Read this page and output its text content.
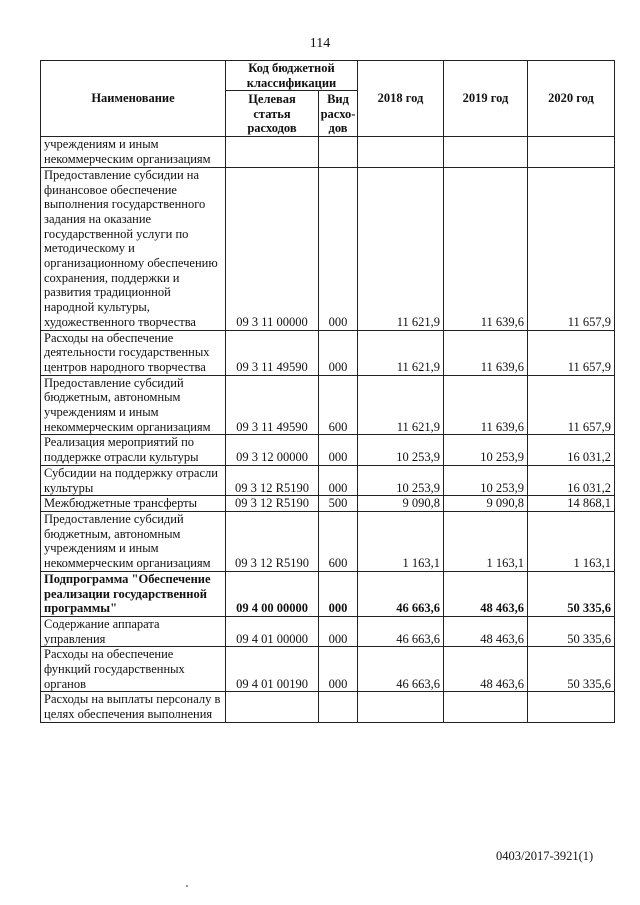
114
Наименование	Код бюджетной классификации		2018 год	2019 год	2020 год
	Целевая статья расходов	Вид расхо-дов			
учреждениям и иным некоммерческим организациям					
Предоставление субсидии на финансовое обеспечение выполнения государственного задания на оказание государственной услуги по методическому и организационному обеспечению сохранения, поддержки и развития традиционной народной культуры, художественного творчества	09 3 11 00000	000	11 621,9	11 639,6	11 657,9
Расходы на обеспечение деятельности государственных центров народного творчества	09 3 11 49590	000	11 621,9	11 639,6	11 657,9
Предоставление субсидий бюджетным, автономным учреждениям и иным некоммерческим организациям	09 3 11 49590	600	11 621,9	11 639,6	11 657,9
Реализация мероприятий по поддержке отрасли культуры	09 3 12 00000	000	10 253,9	10 253,9	16 031,2
Субсидии на поддержку отрасли культуры	09 3 12 R5190	000	10 253,9	10 253,9	16 031,2
Межбюджетные трансферты	09 3 12 R5190	500	9 090,8	9 090,8	14 868,1
Предоставление субсидий бюджетным, автономным учреждениям и иным некоммерческим организациям	09 3 12 R5190	600	1 163,1	1 163,1	1 163,1
Подпрограмма "Обеспечение реализации государственной программы"	09 4 00 00000	000	46 663,6	48 463,6	50 335,6
Содержание аппарата управления	09 4 01 00000	000	46 663,6	48 463,6	50 335,6
Расходы на обеспечение функций государственных органов	09 4 01 00190	000	46 663,6	48 463,6	50 335,6
Расходы на выплаты персоналу в целях обеспечения выполнения					
0403/2017-3921(1)
